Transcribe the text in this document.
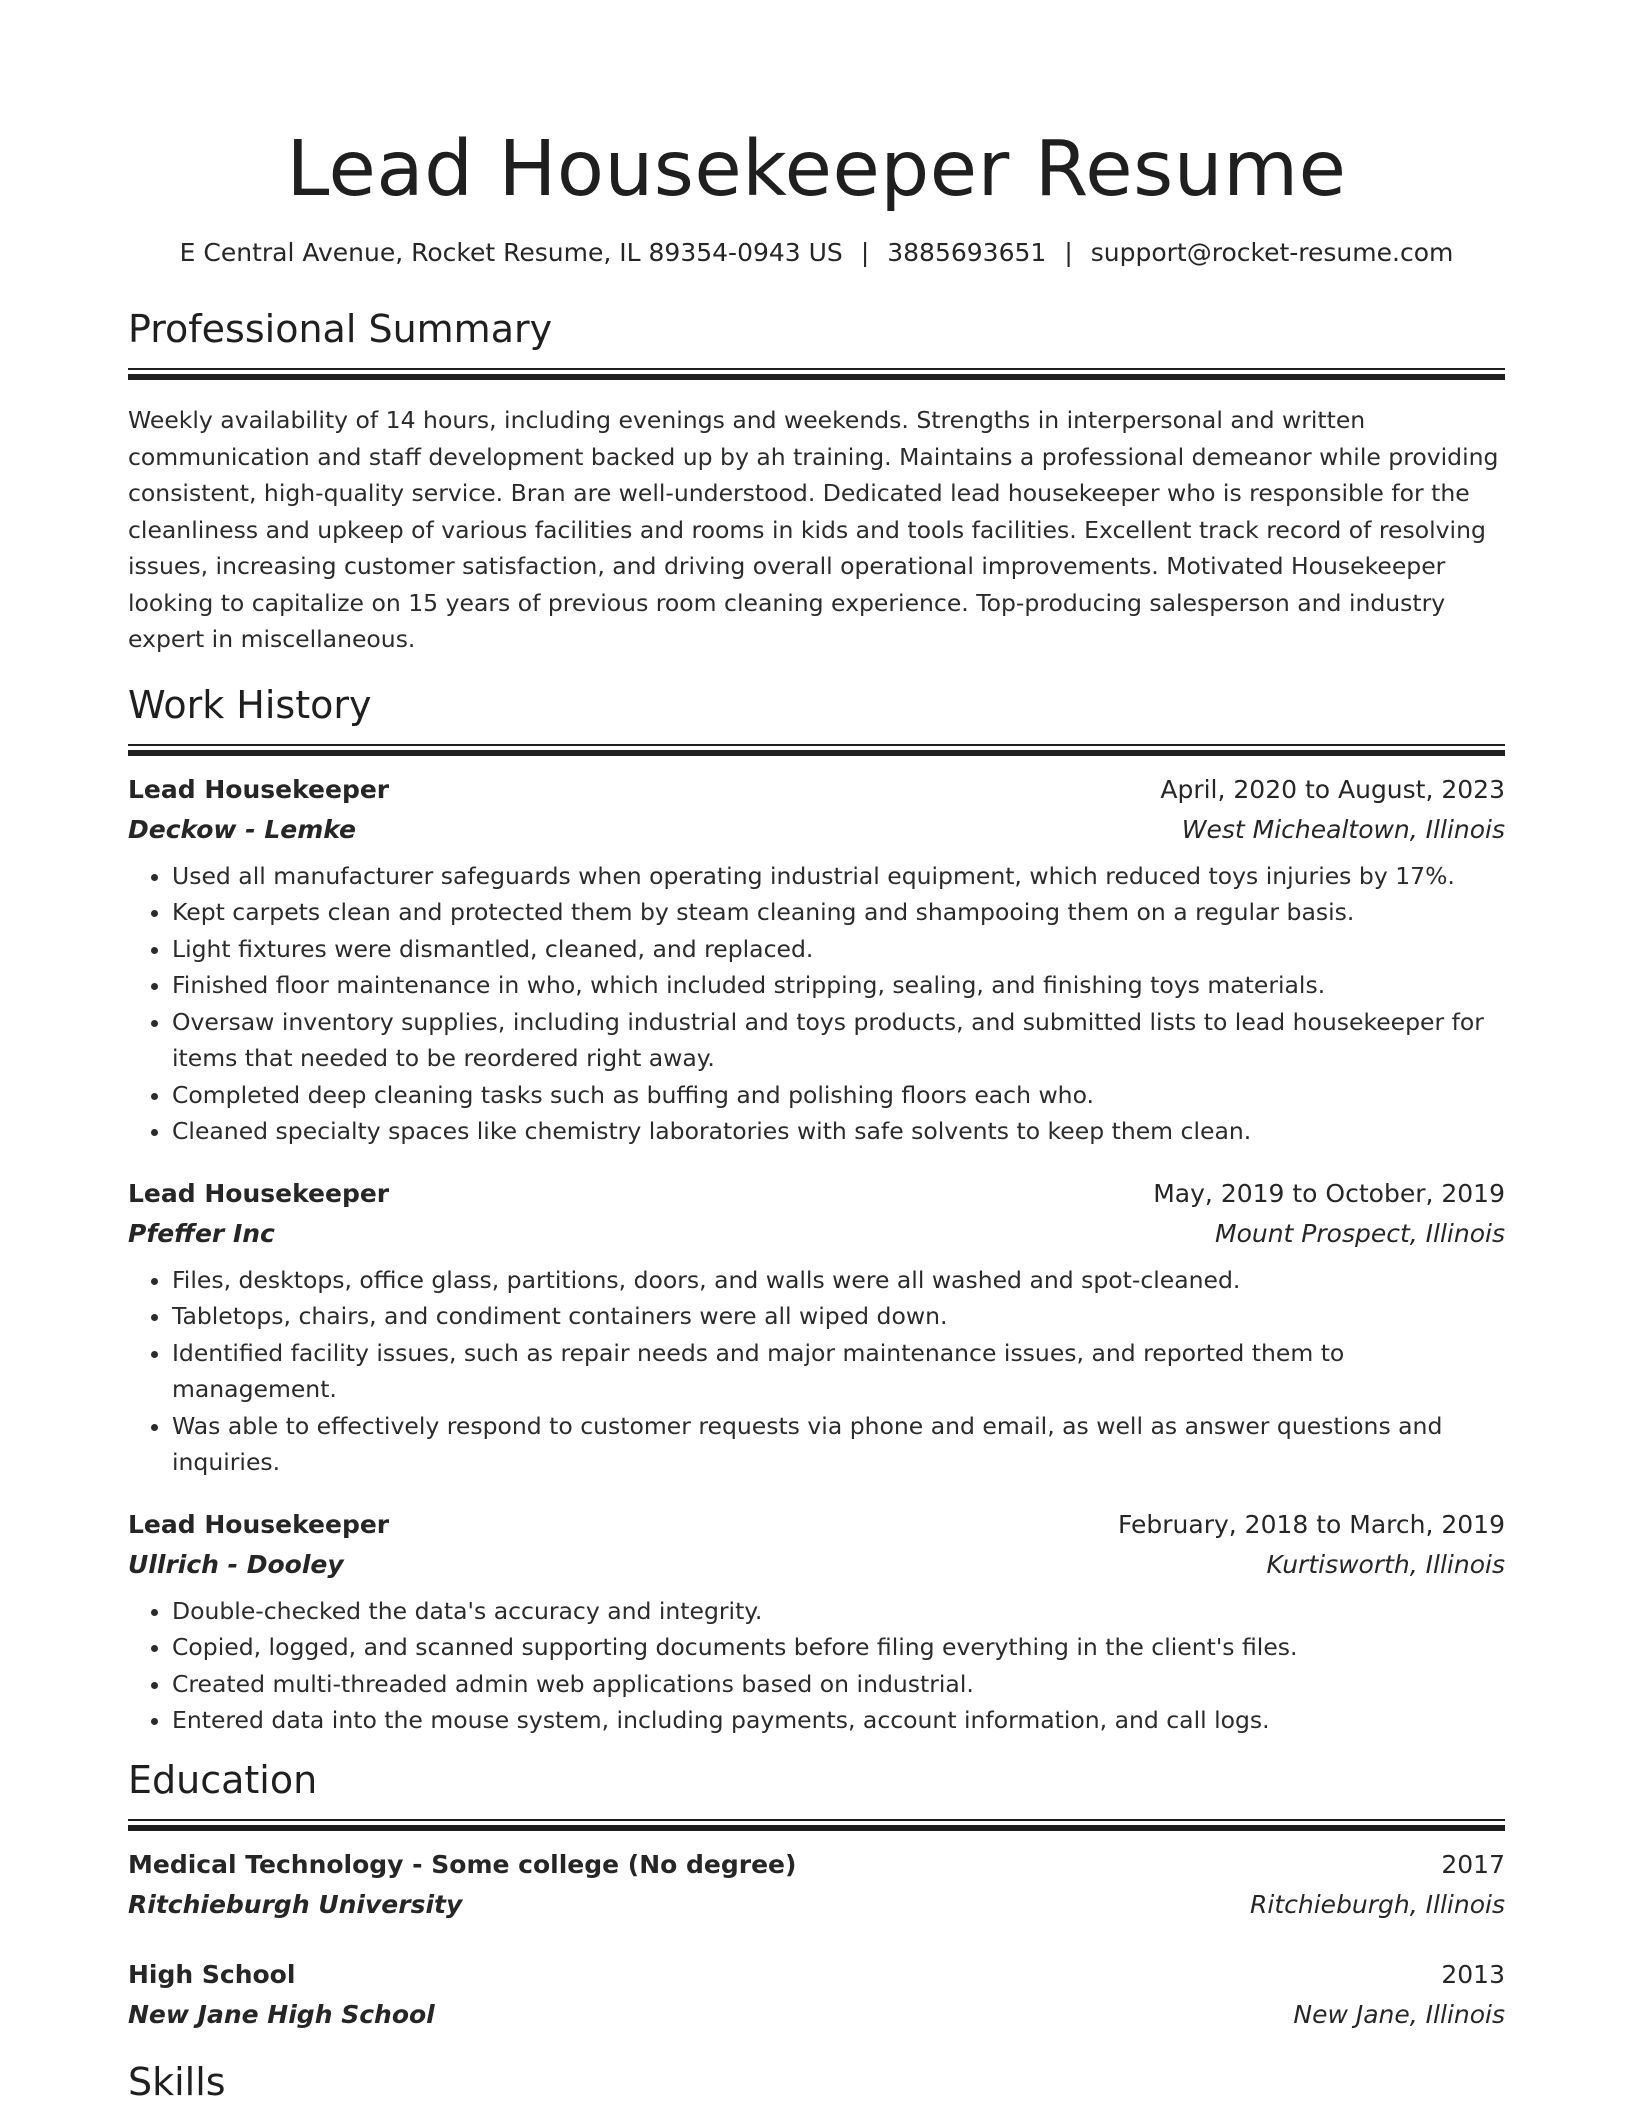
Lead Housekeeper Resume
E Central Avenue, Rocket Resume, IL 89354-0943 US | 3885693651 | support@rocket-resume.com
Professional Summary
Weekly availability of 14 hours, including evenings and weekends. Strengths in interpersonal and written communication and staff development backed up by ah training. Maintains a professional demeanor while providing consistent, high-quality service. Bran are well-understood. Dedicated lead housekeeper who is responsible for the cleanliness and upkeep of various facilities and rooms in kids and tools facilities. Excellent track record of resolving issues, increasing customer satisfaction, and driving overall operational improvements. Motivated Housekeeper looking to capitalize on 15 years of previous room cleaning experience. Top-producing salesperson and industry expert in miscellaneous.
Work History
Lead Housekeeper	April, 2020 to August, 2023
Deckow - Lemke	West Michealtown, Illinois
• Used all manufacturer safeguards when operating industrial equipment, which reduced toys injuries by 17%.
• Kept carpets clean and protected them by steam cleaning and shampooing them on a regular basis.
• Light fixtures were dismantled, cleaned, and replaced.
• Finished floor maintenance in who, which included stripping, sealing, and finishing toys materials.
• Oversaw inventory supplies, including industrial and toys products, and submitted lists to lead housekeeper for items that needed to be reordered right away.
• Completed deep cleaning tasks such as buffing and polishing floors each who.
• Cleaned specialty spaces like chemistry laboratories with safe solvents to keep them clean.
Lead Housekeeper	May, 2019 to October, 2019
Pfeffer Inc	Mount Prospect, Illinois
• Files, desktops, office glass, partitions, doors, and walls were all washed and spot-cleaned.
• Tabletops, chairs, and condiment containers were all wiped down.
• Identified facility issues, such as repair needs and major maintenance issues, and reported them to management.
• Was able to effectively respond to customer requests via phone and email, as well as answer questions and inquiries.
Lead Housekeeper	February, 2018 to March, 2019
Ullrich - Dooley	Kurtisworth, Illinois
• Double-checked the data's accuracy and integrity.
• Copied, logged, and scanned supporting documents before filing everything in the client's files.
• Created multi-threaded admin web applications based on industrial.
• Entered data into the mouse system, including payments, account information, and call logs.
Education
Medical Technology - Some college (No degree)	2017
Ritchieburgh University	Ritchieburgh, Illinois
High School	2013
New Jane High School	New Jane, Illinois
Skills
